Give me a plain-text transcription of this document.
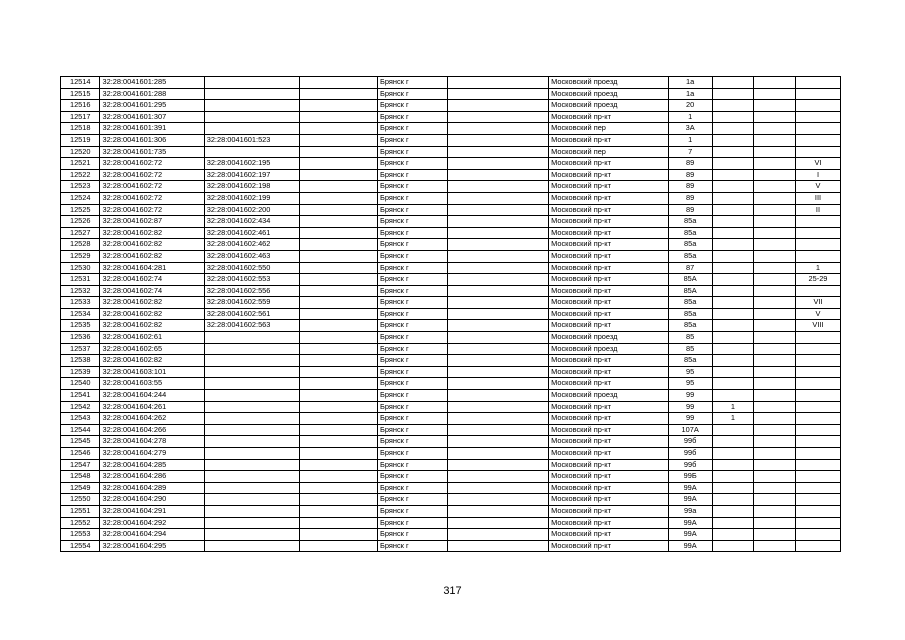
12514	32:28:0041601:285			Брянск г		Московский проезд	1а			
12515	32:28:0041601:288			Брянск г		Московский проезд	1а			
12516	32:28:0041601:295			Брянск г		Московский проезд	20			
12517	32:28:0041601:307			Брянск г		Московский пр-кт	1			
12518	32:28:0041601:391			Брянск г		Московский пер	3А			
12519	32:28:0041601:306	32:28:0041601:523		Брянск г		Московский пр-кт	1			
12520	32:28:0041601:735			Брянск г		Московский пер	7			
12521	32:28:0041602:72	32:28:0041602:195		Брянск г		Московский пр-кт	89			VI
12522	32:28:0041602:72	32:28:0041602:197		Брянск г		Московский пр-кт	89			I
12523	32:28:0041602:72	32:28:0041602:198		Брянск г		Московский пр-кт	89			V
12524	32:28:0041602:72	32:28:0041602:199		Брянск г		Московский пр-кт	89			III
12525	32:28:0041602:72	32:28:0041602:200		Брянск г		Московский пр-кт	89			II
12526	32:28:0041602:87	32:28:0041602:434		Брянск г		Московский пр-кт	85а			
12527	32:28:0041602:82	32:28:0041602:461		Брянск г		Московский пр-кт	85а			
12528	32:28:0041602:82	32:28:0041602:462		Брянск г		Московский пр-кт	85а			
12529	32:28:0041602:82	32:28:0041602:463		Брянск г		Московский пр-кт	85а			
12530	32:28:0041604:281	32:28:0041602:550		Брянск г		Московский пр-кт	87			1
12531	32:28:0041602:74	32:28:0041602:553		Брянск г		Московский пр-кт	85А			25-29
12532	32:28:0041602:74	32:28:0041602:556		Брянск г		Московский пр-кт	85А			
12533	32:28:0041602:82	32:28:0041602:559		Брянск г		Московский пр-кт	85а			VII
12534	32:28:0041602:82	32:28:0041602:561		Брянск г		Московский пр-кт	85а			V
12535	32:28:0041602:82	32:28:0041602:563		Брянск г		Московский пр-кт	85а			VIII
12536	32:28:0041602:61			Брянск г		Московский проезд	85			
12537	32:28:0041602:65			Брянск г		Московский проезд	85			
12538	32:28:0041602:82			Брянск г		Московский пр-кт	85а			
12539	32:28:0041603:101			Брянск г		Московский пр-кт	95			
12540	32:28:0041603:55			Брянск г		Московский пр-кт	95			
12541	32:28:0041604:244			Брянск г		Московский проезд	99			
12542	32:28:0041604:261			Брянск г		Московский пр-кт	99	1		
12543	32:28:0041604:262			Брянск г		Московский пр-кт	99	1		
12544	32:28:0041604:266			Брянск г		Московский пр-кт	107А			
12545	32:28:0041604:278			Брянск г		Московский пр-кт	99б			
12546	32:28:0041604:279			Брянск г		Московский пр-кт	99б			
12547	32:28:0041604:285			Брянск г		Московский пр-кт	99б			
12548	32:28:0041604:286			Брянск г		Московский пр-кт	99Б			
12549	32:28:0041604:289			Брянск г		Московский пр-кт	99А			
12550	32:28:0041604:290			Брянск г		Московский пр-кт	99А			
12551	32:28:0041604:291			Брянск г		Московский пр-кт	99а			
12552	32:28:0041604:292			Брянск г		Московский пр-кт	99А			
12553	32:28:0041604:294			Брянск г		Московский пр-кт	99А			
12554	32:28:0041604:295			Брянск г		Московский пр-кт	99А			
317
